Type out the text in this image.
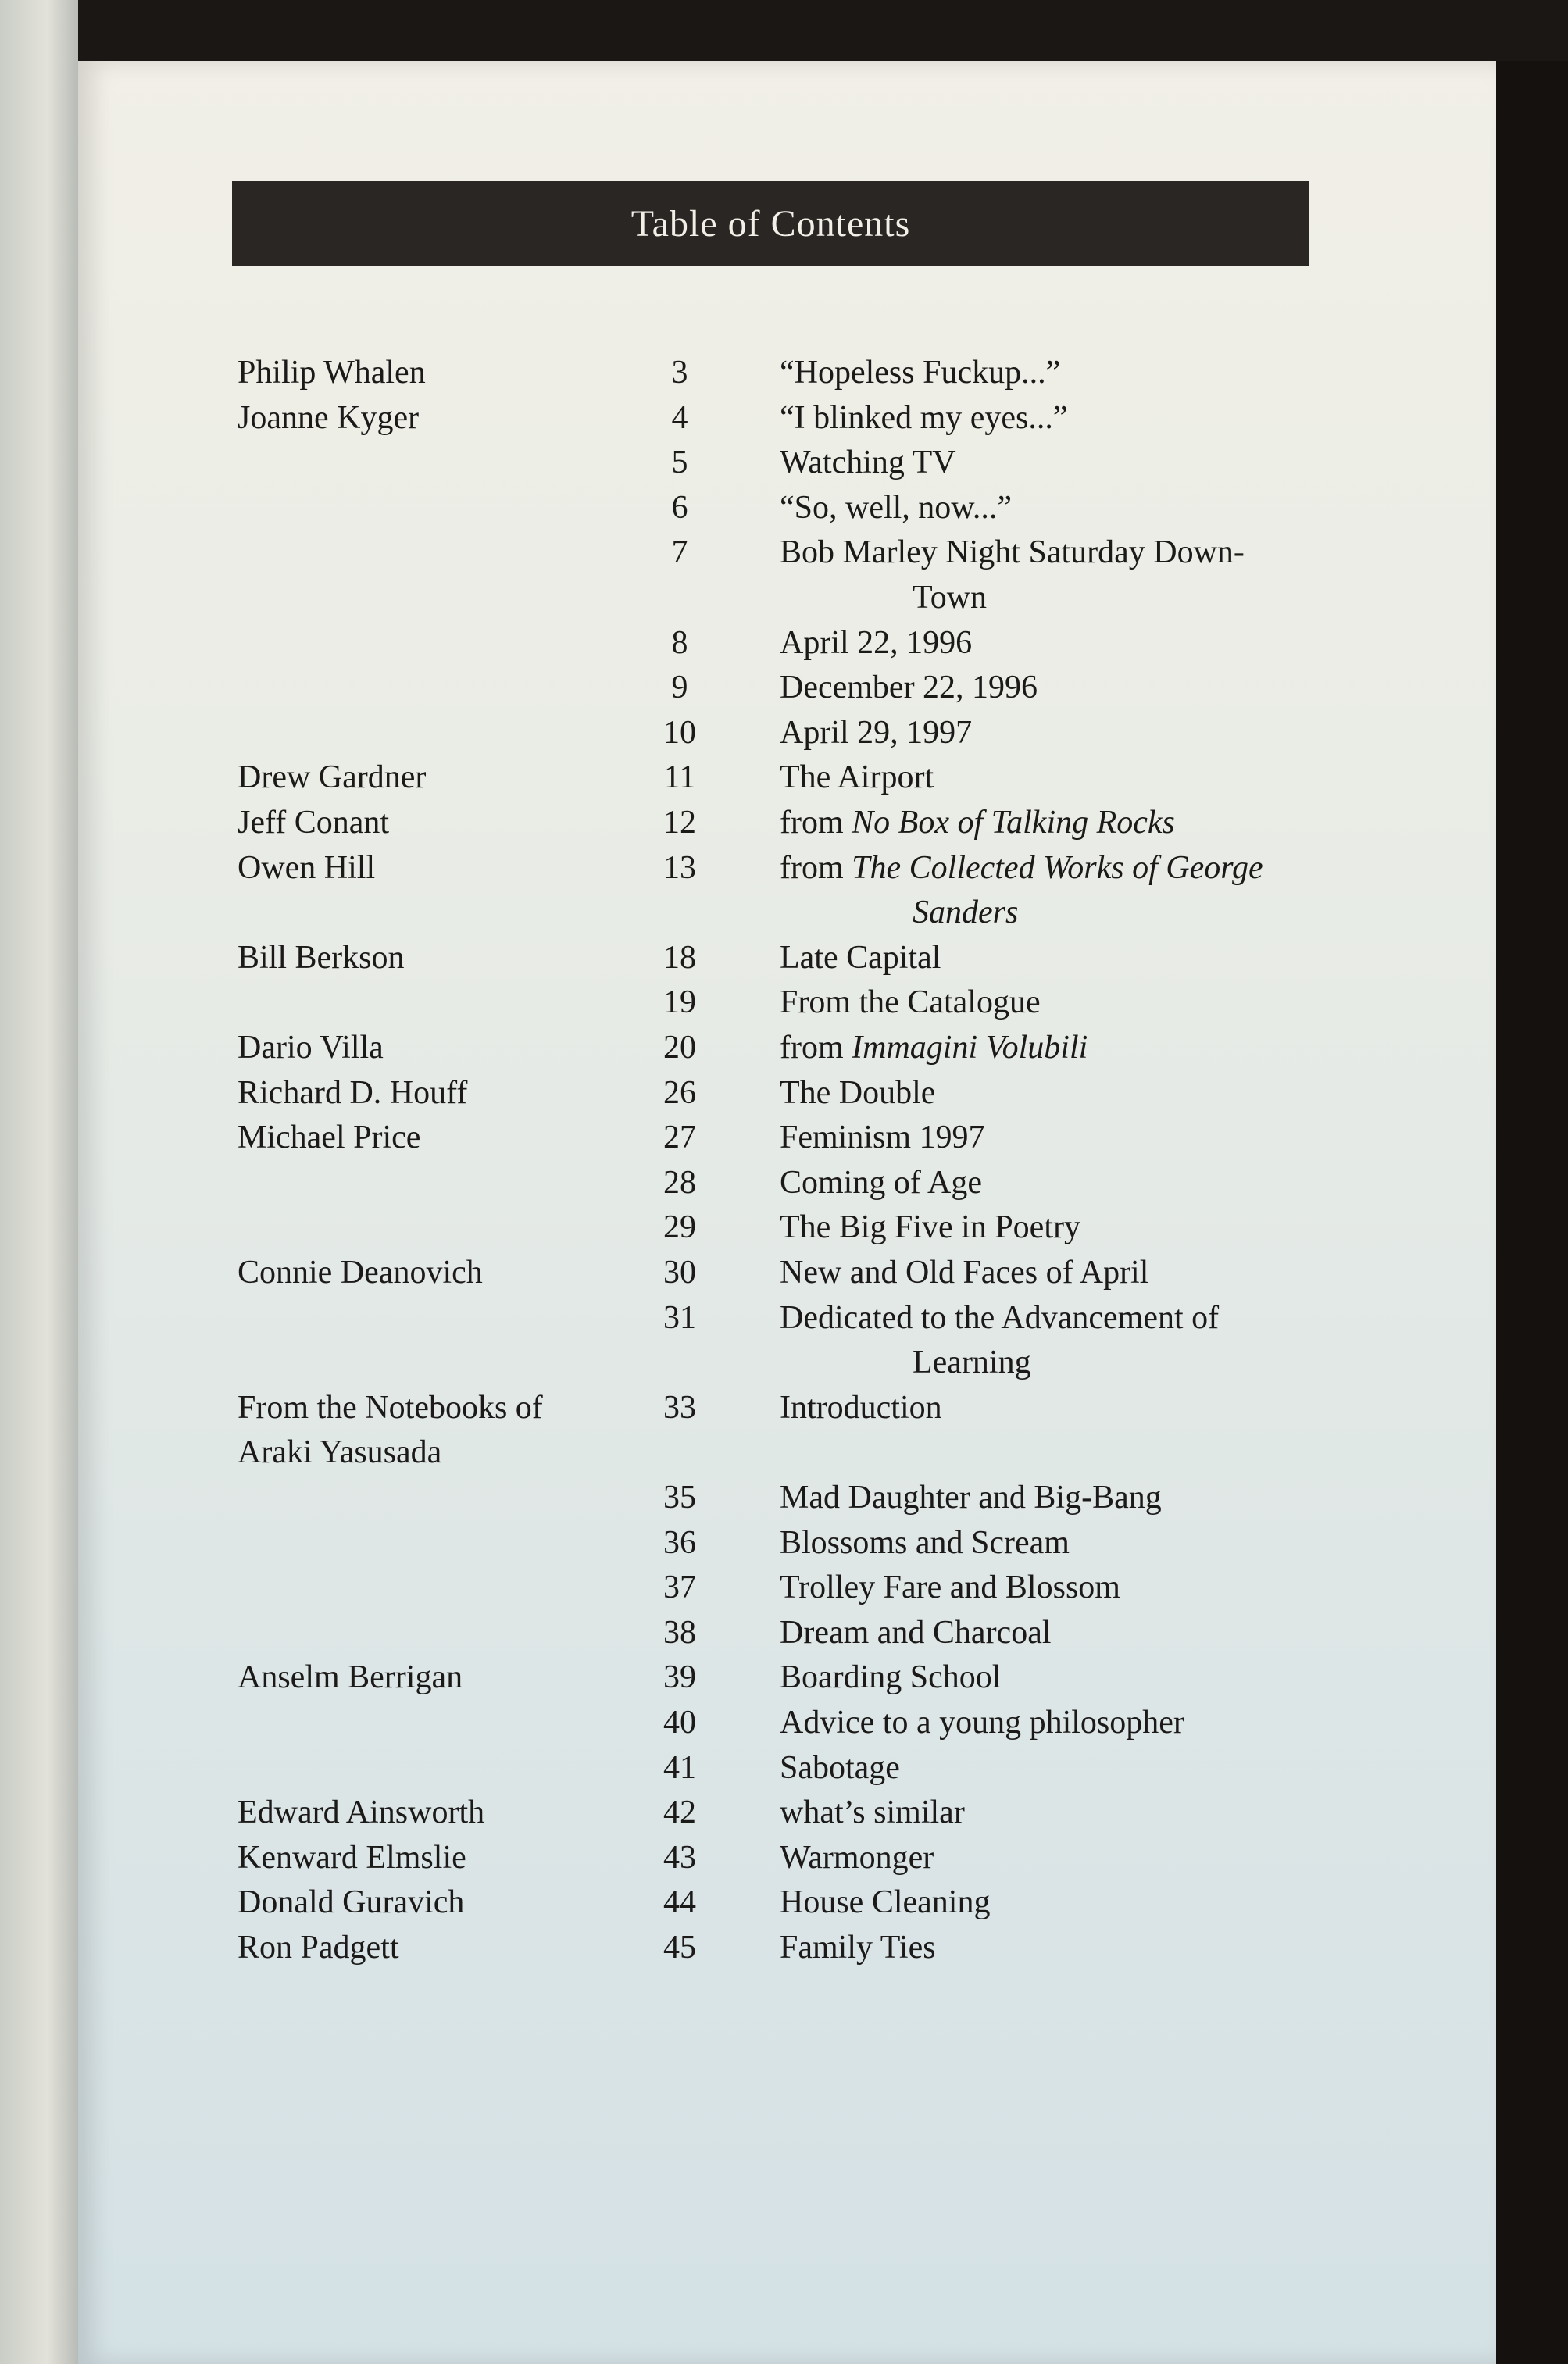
Table of Contents
Philip Whalen	3	“Hopeless Fuckup...”
Joanne Kyger	4	“I blinked my eyes...”
5	Watching TV
6	“So, well, now...”
7	Bob Marley Night Saturday Down-
Town
8	April 22, 1996
9	December 22, 1996
10	April 29, 1997
Drew Gardner	11	The Airport
Jeff Conant	12	from No Box of Talking Rocks
Owen Hill	13	from The Collected Works of George
Sanders
Bill Berkson	18	Late Capital
19	From the Catalogue
Dario Villa	20	from Immagini Volubili
Richard D. Houff	26	The Double
Michael Price	27	Feminism 1997
28	Coming of Age
29	The Big Five in Poetry
Connie Deanovich	30	New and Old Faces of April
31	Dedicated to the Advancement of
Learning
From the Notebooks of	33	Introduction
Araki Yasusada
35	Mad Daughter and Big-Bang
36	Blossoms and Scream
37	Trolley Fare and Blossom
38	Dream and Charcoal
Anselm Berrigan	39	Boarding School
40	Advice to a young philosopher
41	Sabotage
Edward Ainsworth	42	what’s similar
Kenward Elmslie	43	Warmonger
Donald Guravich	44	House Cleaning
Ron Padgett	45	Family Ties
